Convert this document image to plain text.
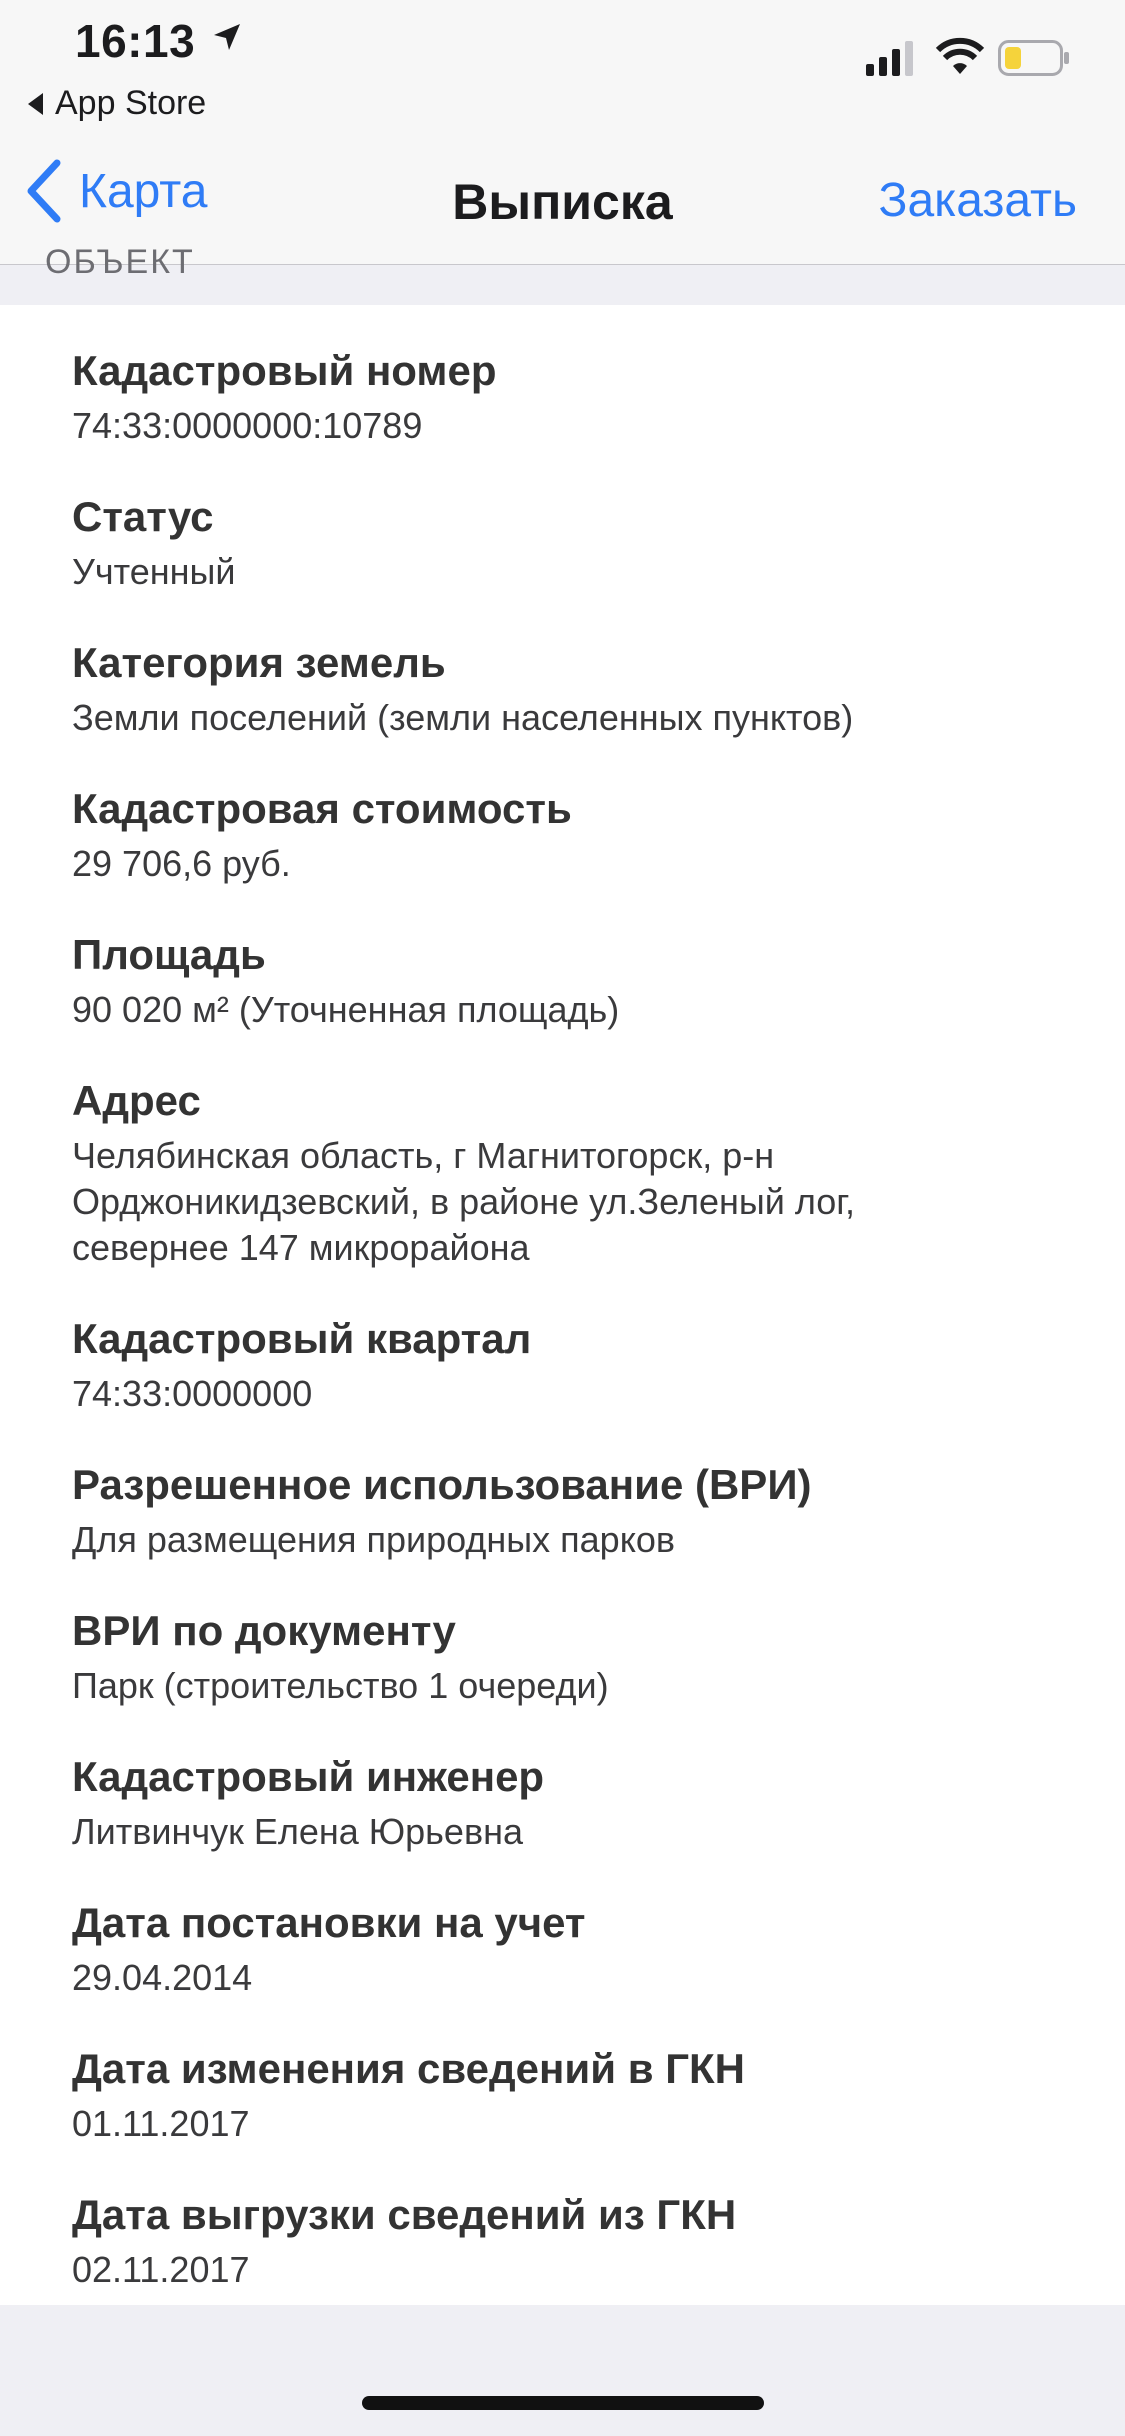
16:13
App Store
Карта	Выписка	Заказать
ОБЪЕКТ
Кадастровый номер
74:33:0000000:10789
Статус
Учтенный
Категория земель
Земли поселений (земли населенных пунктов)
Кадастровая стоимость
29 706,6 руб.
Площадь
90 020 м² (Уточненная площадь)
Адрес
Челябинская область, г Магнитогорск, р-н
Орджоникидзевский, в районе ул.Зеленый лог,
севернее 147 микрорайона
Кадастровый квартал
74:33:0000000
Разрешенное использование (ВРИ)
Для размещения природных парков
ВРИ по документу
Парк (строительство 1 очереди)
Кадастровый инженер
Литвинчук Елена Юрьевна
Дата постановки на учет
29.04.2014
Дата изменения сведений в ГКН
01.11.2017
Дата выгрузки сведений из ГКН
02.11.2017
